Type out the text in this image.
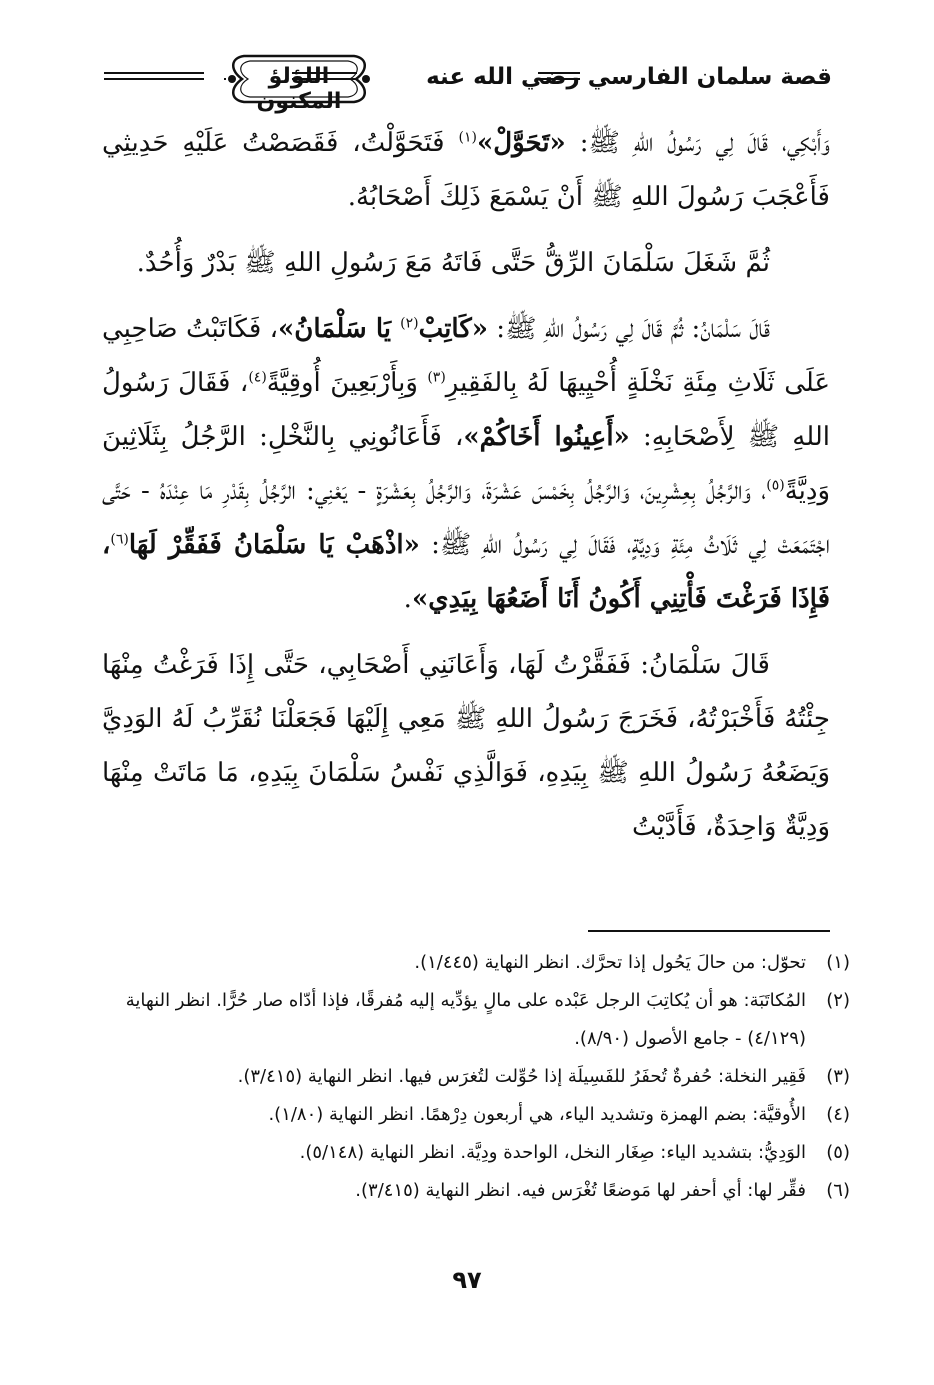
قصة سلمان الفارسي رضي الله عنه
اللؤلؤ المكنون

وَأَبْكِي، قَالَ لِي رَسُولُ اللهِ ﷺ: «تَحَوَّلْ»$^{(١)}$ فَتَحَوَّلْتُ، فَقَصَصْتُ عَلَيْهِ حَدِيثِي فَأَعْجَبَ رَسُولَ اللهِ ﷺ أَنْ يَسْمَعَ ذَلِكَ أَصْحَابُهُ.

ثُمَّ شَغَلَ سَلْمَانَ الرِّقُّ حَتَّى فَاتَهُ مَعَ رَسُولِ اللهِ ﷺ بَدْرٌ وَأُحُدٌ.

قَالَ سَلْمَانُ: ثُمَّ قَالَ لِي رَسُولُ اللهِ ﷺ: «كَاتِبْ$^{(٢)}$ يَا سَلْمَانُ»، فَكَاتَبْتُ صَاحِبِي عَلَى ثَلَاثِ مِئَةِ نَخْلَةٍ أُحْيِيهَا لَهُ بِالفَقِيرِ$^{(٣)}$ وَبِأَرْبَعِينَ أُوقِيَّةً$^{(٤)}$، فَقَالَ رَسُولُ اللهِ ﷺ لِأَصْحَابِهِ: «أَعِينُوا أَخَاكُمْ»، فَأَعَانُونِي بِالنَّخْلِ: الرَّجُلُ بِثَلَاثِينَ وَدِيَّةً$^{(٥)}$، وَالرَّجُلُ بِعِشْرِينَ، وَالرَّجُلُ بِخَمْسَ عَشْرَةَ، وَالرَّجُلُ بِعَشْرَةٍ - يَعْنِي: الرَّجُلُ بِقَدْرِ مَا عِنْدَهُ - حَتَّى اجْتَمَعَتْ لِي ثَلَاثُ مِئَةِ وَدِيَّةٍ، فَقَالَ لِي رَسُولُ اللهِ ﷺ: «اذْهَبْ يَا سَلْمَانُ فَفَقِّرْ لَهَا$^{(٦)}$، فَإِذَا فَرَغْتَ فَأْتِنِي أَكُونُ أَنَا أَضَعُهَا بِيَدِي».

قَالَ سَلْمَانُ: فَفَقَّرْتُ لَهَا، وَأَعَانَنِي أَصْحَابِي، حَتَّى إِذَا فَرَغْتُ مِنْهَا جِئْتُهُ فَأَخْبَرْتُهُ، فَخَرَجَ رَسُولُ اللهِ ﷺ مَعِي إِلَيْهَا فَجَعَلْنَا نُقَرِّبُ لَهُ الوَدِيَّ وَيَضَعُهُ رَسُولُ اللهِ ﷺ بِيَدِهِ، فَوَالَّذِي نَفْسُ سَلْمَانَ بِيَدِهِ، مَا مَاتَتْ مِنْهَا وَدِيَّةٌ وَاحِدَةٌ، فَأَدَّيْتُ

(١)
تحوّل: من حالَ يَحُول إذا تحرَّك. انظر النهاية (١/٤٤٥).
(٢)
المُكاتَبَة: هو أن يُكاتِبَ الرجل عَبْده على مالٍ يؤدِّيه إليه مُفرقًا، فإذا أدّاه صار حُرًّا. انظر النهاية (٤/١٢٩) - جامع الأصول (٨/٩٠).
(٣)
فَقِير النخلة: حُفرةٌ تُحفَرُ للفَسِيلَة إذا حُوِّلت لتُغرَس فيها. انظر النهاية (٣/٤١٥).
(٤)
الأُوقيَّة: بضم الهمزة وتشديد الياء، هي أربعون دِرْهمًا. انظر النهاية (١/٨٠).
(٥)
الوَدِيُّ: بتشديد الياء: صِغَار النخل، الواحدة ودِيَّة. انظر النهاية (٥/١٤٨).
(٦)
فقِّر لها: أي أحفر لها مَوضعًا تُغْرَس فيه. انظر النهاية (٣/٤١٥).
٩٧
